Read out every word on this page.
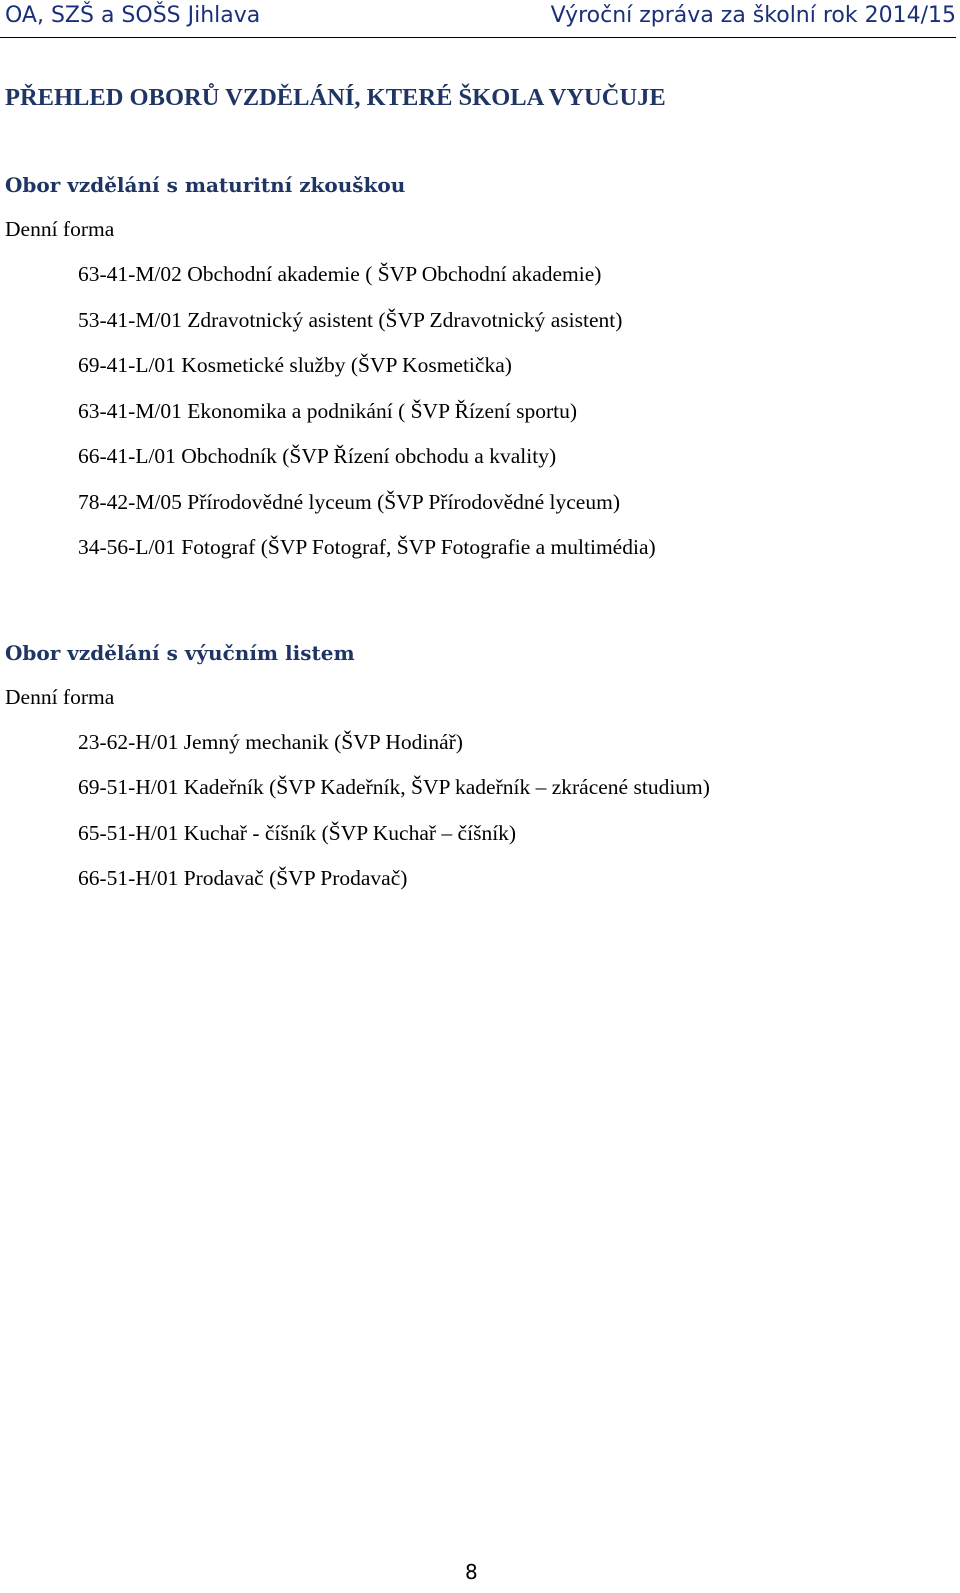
OA, SZŠ a SOŠS Jihlava	Výroční zpráva za školní rok 2014/15
PŘEHLED OBORŮ VZDĚLÁNÍ, KTERÉ ŠKOLA VYUČUJE
Obor vzdělání s maturitní zkouškou
Denní forma
63-41-M/02 Obchodní akademie ( ŠVP Obchodní akademie)
53-41-M/01 Zdravotnický asistent (ŠVP Zdravotnický asistent)
69-41-L/01 Kosmetické služby (ŠVP Kosmetička)
63-41-M/01 Ekonomika a podnikání ( ŠVP Řízení sportu)
66-41-L/01 Obchodník (ŠVP Řízení obchodu a kvality)
78-42-M/05 Přírodovědné lyceum (ŠVP Přírodovědné lyceum)
34-56-L/01 Fotograf (ŠVP Fotograf, ŠVP Fotografie a multimédia)
Obor vzdělání s výučním listem
Denní forma
23-62-H/01 Jemný mechanik (ŠVP Hodinář)
69-51-H/01 Kadeřník (ŠVP Kadeřník, ŠVP kadeřník – zkrácené studium)
65-51-H/01 Kuchař - číšník (ŠVP Kuchař – číšník)
66-51-H/01 Prodavač (ŠVP Prodavač)
8
